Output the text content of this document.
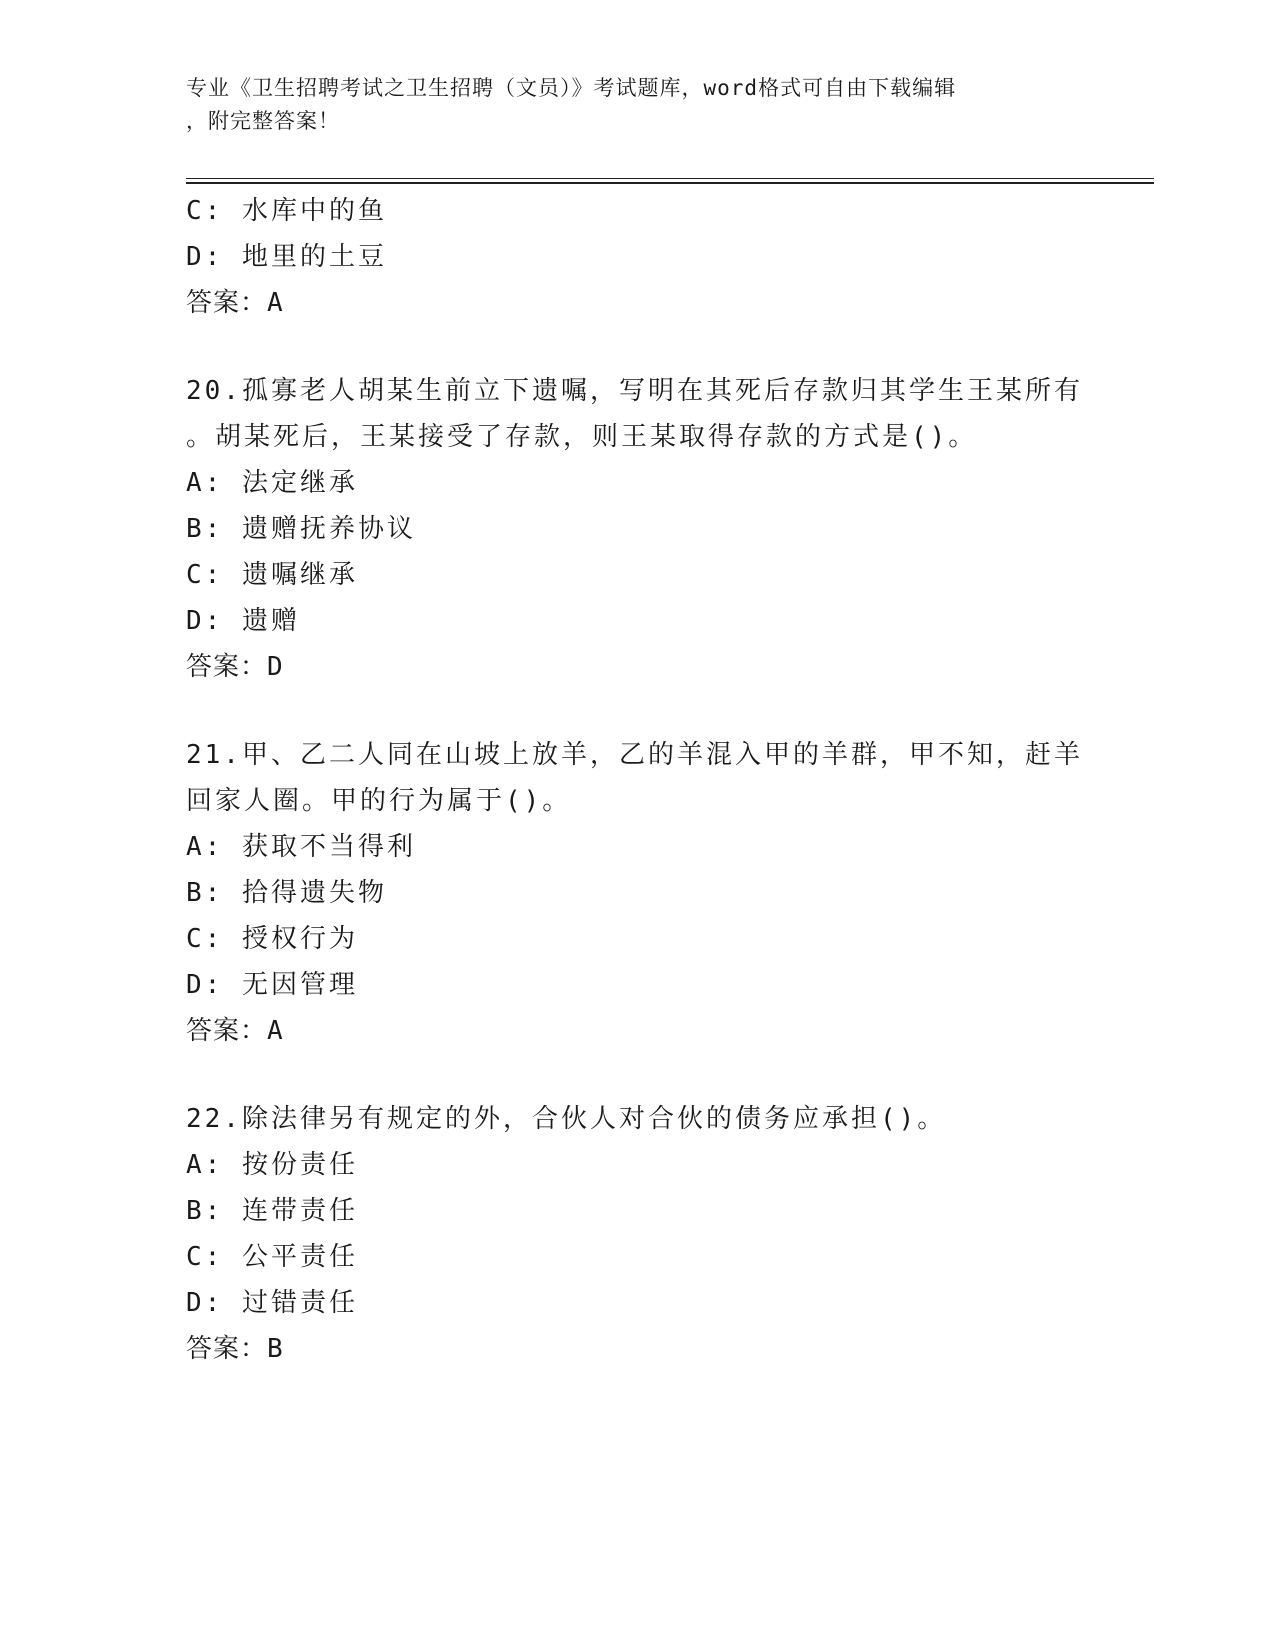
专业《卫生招聘考试之卫生招聘（文员）》考试题库，word格式可自由下载编辑
，附完整答案！
C: 水库中的鱼
D: 地里的土豆
答案：A
20.孤寡老人胡某生前立下遗嘱，写明在其死后存款归其学生王某所有
。胡某死后，王某接受了存款，则王某取得存款的方式是()。
A: 法定继承
B: 遗赠抚养协议
C: 遗嘱继承
D: 遗赠
答案：D
21.甲、乙二人同在山坡上放羊，乙的羊混入甲的羊群，甲不知，赶羊
回家人圈。甲的行为属于()。
A: 获取不当得利
B: 拾得遗失物
C: 授权行为
D: 无因管理
答案：A
22.除法律另有规定的外，合伙人对合伙的债务应承担()。
A: 按份责任
B: 连带责任
C: 公平责任
D: 过错责任
答案：B
